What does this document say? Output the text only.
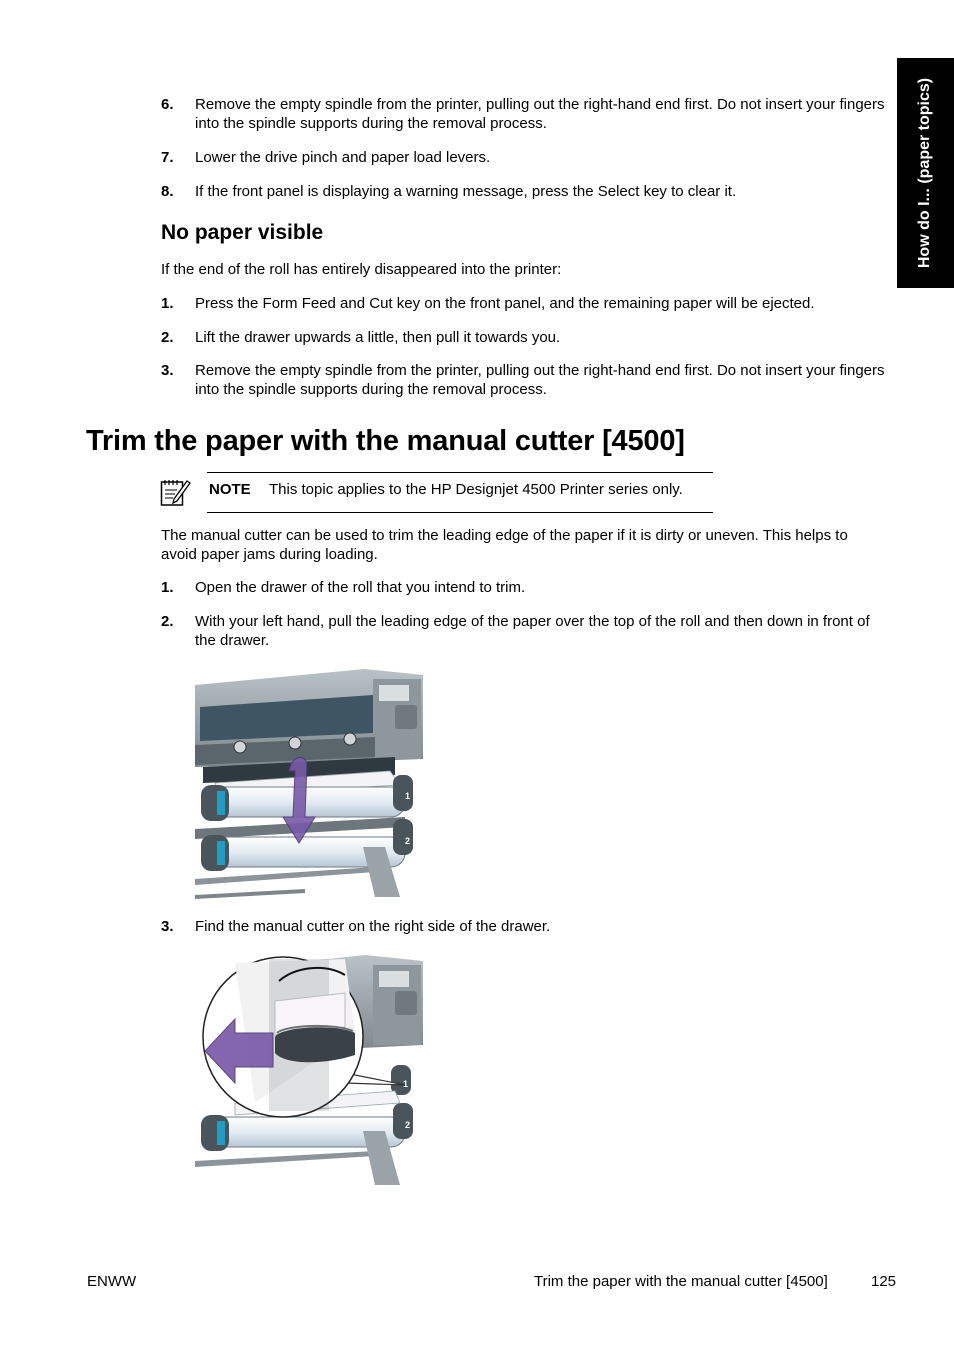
How do I... (paper topics)
6. Remove the empty spindle from the printer, pulling out the right-hand end first. Do not insert your fingers into the spindle supports during the removal process.
7. Lower the drive pinch and paper load levers.
8. If the front panel is displaying a warning message, press the Select key to clear it.
No paper visible
If the end of the roll has entirely disappeared into the printer:
1. Press the Form Feed and Cut key on the front panel, and the remaining paper will be ejected.
2. Lift the drawer upwards a little, then pull it towards you.
3. Remove the empty spindle from the printer, pulling out the right-hand end first. Do not insert your fingers into the spindle supports during the removal process.
Trim the paper with the manual cutter [4500]
NOTE This topic applies to the HP Designjet 4500 Printer series only.
The manual cutter can be used to trim the leading edge of the paper if it is dirty or uneven. This helps to avoid paper jams during loading.
1. Open the drawer of the roll that you intend to trim.
2. With your left hand, pull the leading edge of the paper over the top of the roll and then down in front of the drawer.
1
2
3. Find the manual cutter on the right side of the drawer.
2
1
ENWW	Trim the paper with the manual cutter [4500]	125
